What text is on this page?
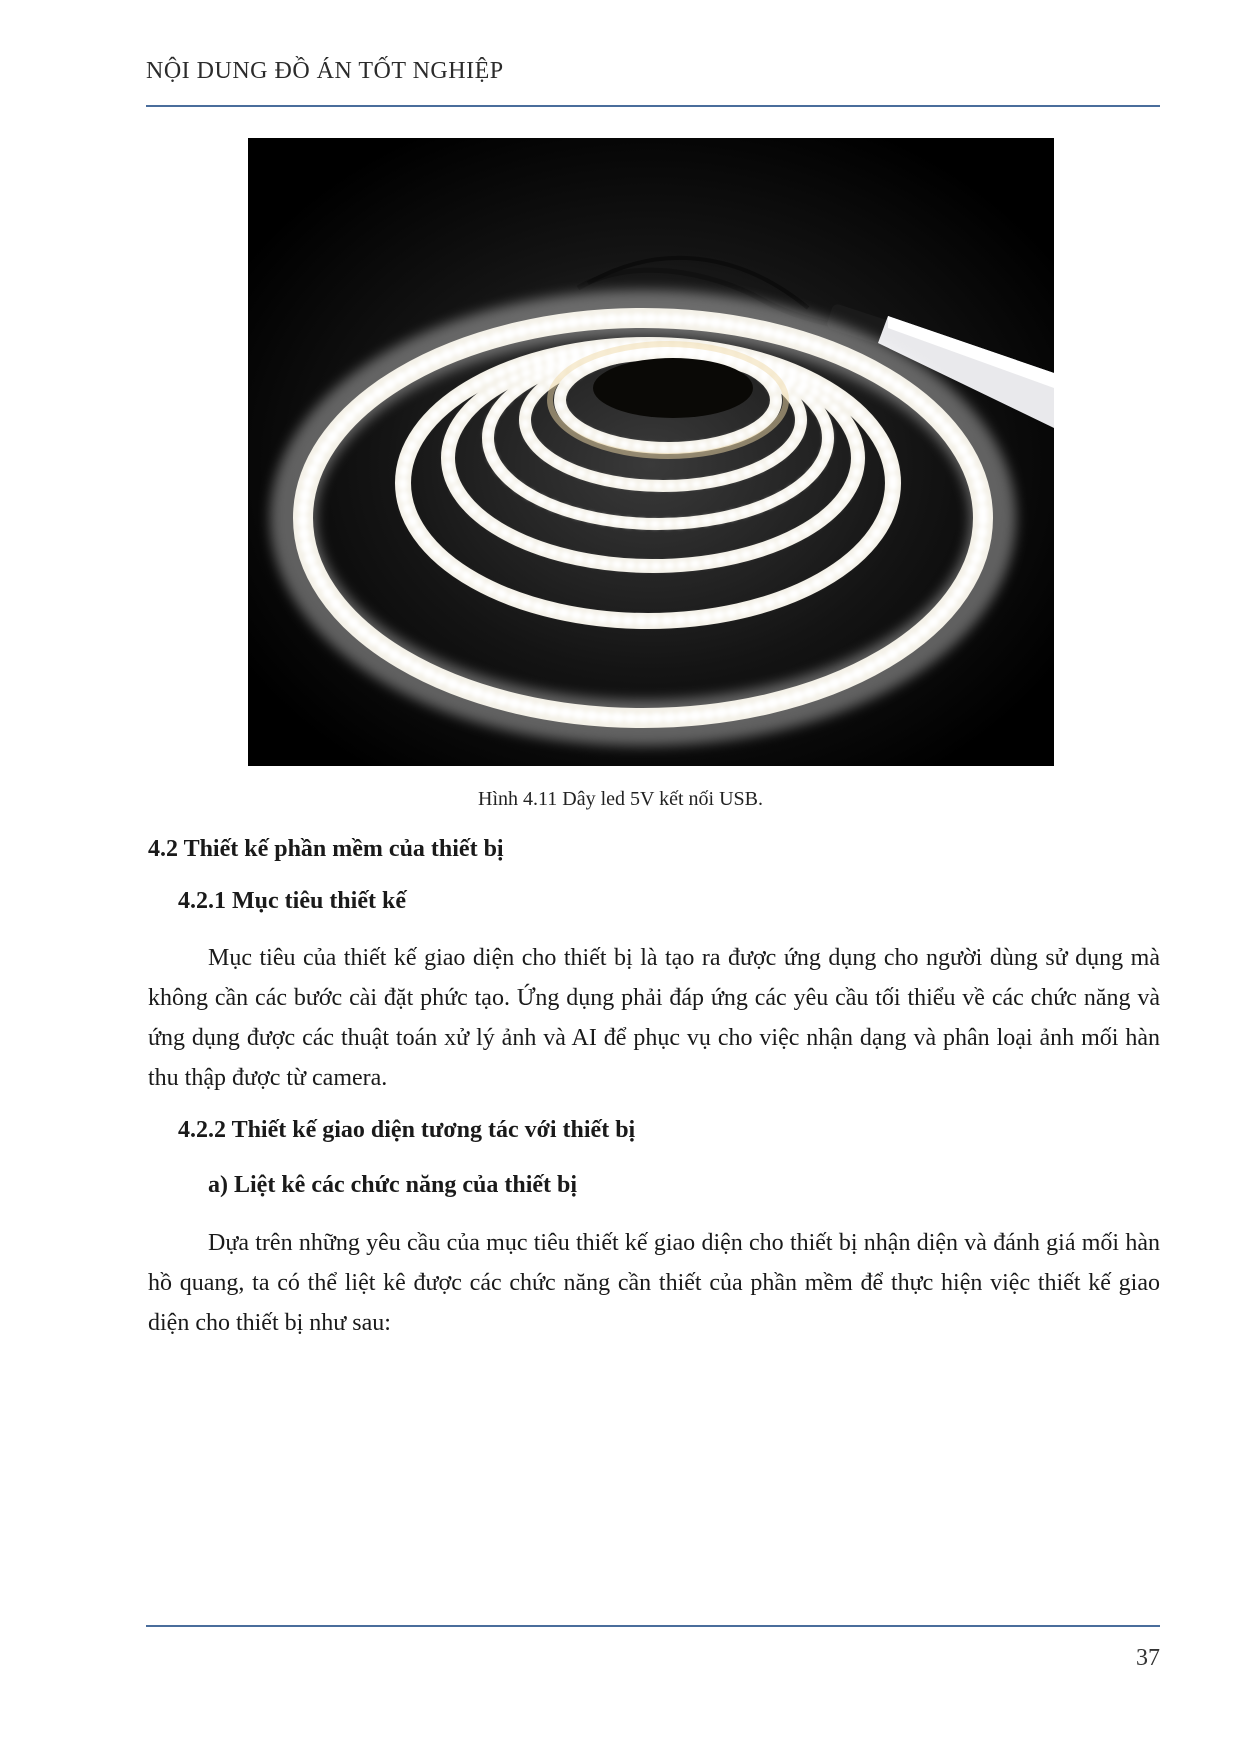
NỘI DUNG ĐỒ ÁN TỐT NGHIỆP
Hình 4.11 Dây led 5V kết nối USB.
4.2 Thiết kế phần mềm của thiết bị
4.2.1 Mục tiêu thiết kế
Mục tiêu của thiết kế giao diện cho thiết bị là tạo ra được ứng dụng cho người dùng sử dụng mà không cần các bước cài đặt phức tạo. Ứng dụng phải đáp ứng các yêu cầu tối thiểu về các chức năng và ứng dụng được các thuật toán xử lý ảnh và AI để phục vụ cho việc nhận dạng và phân loại ảnh mối hàn thu thập được từ camera.
4.2.2 Thiết kế giao diện tương tác với thiết bị
a) Liệt kê các chức năng của thiết bị
Dựa trên những yêu cầu của mục tiêu thiết kế giao diện cho thiết bị nhận diện và đánh giá mối hàn hồ quang, ta có thể liệt kê được các chức năng cần thiết của phần mềm để thực hiện việc thiết kế giao diện cho thiết bị như sau:
37
